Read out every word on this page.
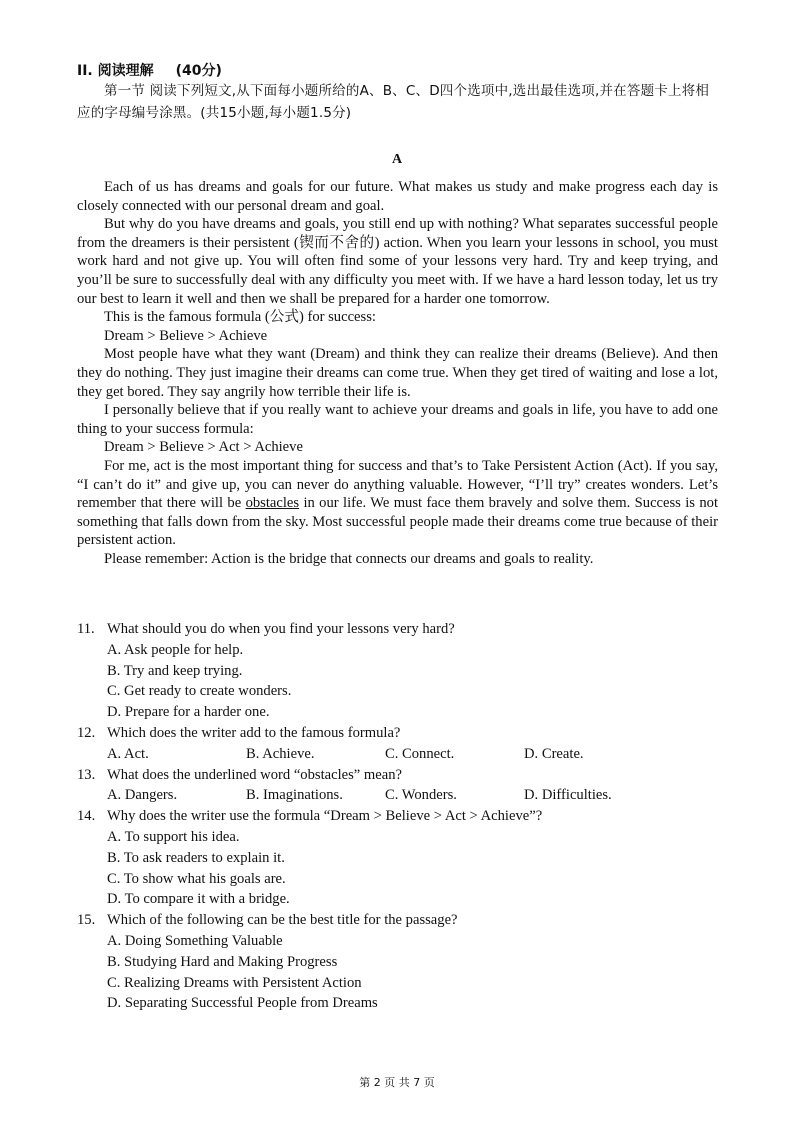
II. 阅读理解 (40分)
第一节 阅读下列短文,从下面每小题所给的A、B、C、D四个选项中,选出最佳选项,并在答题卡上将相应的字母编号涂黑。(共15小题,每小题1.5分)
A

Each of us has dreams and goals for our future. What makes us study and make progress each day is closely connected with our personal dream and goal.

But why do you have dreams and goals, you still end up with nothing? What separates successful people from the dreamers is their persistent (锲而不舍的) action. When you learn your lessons in school, you must work hard and not give up. You will often find some of your lessons very hard. Try and keep trying, and you’ll be sure to successfully deal with any difficulty you meet with. If we have a hard lesson today, let us try our best to learn it well and then we shall be prepared for a harder one tomorrow.

This is the famous formula (公式) for success:

Dream > Believe > Achieve

Most people have what they want (Dream) and think they can realize their dreams (Believe). And then they do nothing. They just imagine their dreams can come true. When they get tired of waiting and lose a lot, they get bored. They say angrily how terrible their life is.

I personally believe that if you really want to achieve your dreams and goals in life, you have to add one thing to your success formula:

Dream > Believe > Act > Achieve

For me, act is the most important thing for success and that’s to Take Persistent Action (Act). If you say, “I can’t do it” and give up, you can never do anything valuable. However, “I’ll try” creates wonders. Let’s remember that there will be obstacles in our life. We must face them bravely and solve them. Success is not something that falls down from the sky. Most successful people made their dreams come true because of their persistent action.

Please remember: Action is the bridge that connects our dreams and goals to reality.

11. What should you do when you find your lessons very hard?
A. Ask people for help.
B. Try and keep trying.
C. Get ready to create wonders.
D. Prepare for a harder one.
12. Which does the writer add to the famous formula?
A. Act.	B. Achieve.	C. Connect.	D. Create.
13. What does the underlined word “obstacles” mean?
A. Dangers.	B. Imaginations.	C. Wonders.	D. Difficulties.
14. Why does the writer use the formula “Dream > Believe > Act > Achieve”?
A. To support his idea.
B. To ask readers to explain it.
C. To show what his goals are.
D. To compare it with a bridge.
15. Which of the following can be the best title for the passage?
A. Doing Something Valuable
B. Studying Hard and Making Progress
C. Realizing Dreams with Persistent Action
D. Separating Successful People from Dreams
第 2 页 共 7 页
